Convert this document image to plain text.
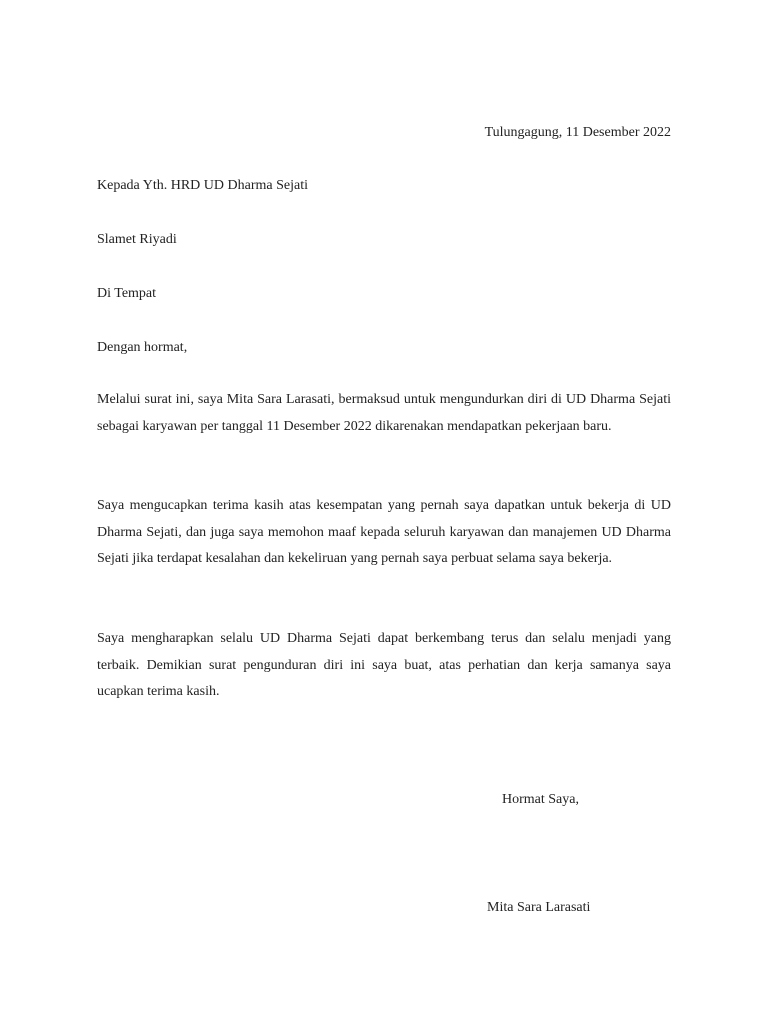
Tulungagung, 11 Desember 2022
Kepada Yth. HRD UD Dharma Sejati
Slamet Riyadi
Di Tempat
Dengan hormat,
Melalui surat ini, saya Mita Sara Larasati, bermaksud untuk mengundurkan diri di UD Dharma Sejati sebagai karyawan per tanggal 11 Desember 2022 dikarenakan mendapatkan pekerjaan baru.
Saya mengucapkan terima kasih atas kesempatan yang pernah saya dapatkan untuk bekerja di UD Dharma Sejati, dan juga saya memohon maaf kepada seluruh karyawan dan manajemen UD Dharma Sejati jika terdapat kesalahan dan kekeliruan yang pernah saya perbuat selama saya bekerja.
Saya mengharapkan selalu UD Dharma Sejati dapat berkembang terus dan selalu menjadi yang terbaik. Demikian surat pengunduran diri ini saya buat, atas perhatian dan kerja samanya saya ucapkan terima kasih.
Hormat Saya,
Mita Sara Larasati
